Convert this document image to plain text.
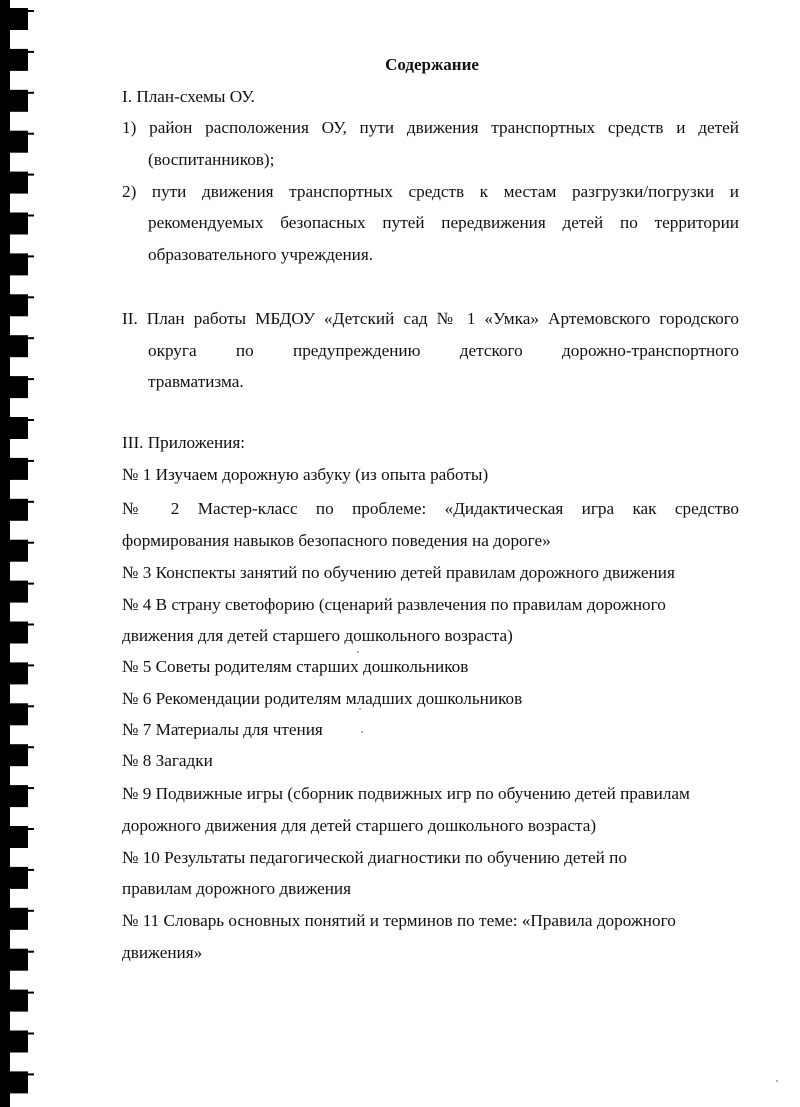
Содержание
I. План-схемы ОУ.
1) район расположения ОУ, пути движения транспортных средств и детей
(воспитанников);
2) пути движения транспортных средств к местам разгрузки/погрузки и
рекомендуемых безопасных путей передвижения детей по территории
образовательного учреждения.
II. План работы МБДОУ «Детский сад № 1 «Умка» Артемовского городского
округа по предупреждению детского дорожно-транспортного
травматизма.
III. Приложения:
№ 1 Изучаем дорожную азбуку (из опыта работы)
№ 2 Мастер-класс по проблеме: «Дидактическая игра как средство
формирования навыков безопасного поведения на дороге»
№ 3 Конспекты занятий по обучению детей правилам дорожного движения
№ 4 В страну светофорию (сценарий развлечения по правилам дорожного
движения для детей старшего дошкольного возраста)
№ 5 Советы родителям старших дошкольников
№ 6 Рекомендации родителям младших дошкольников
№ 7 Материалы для чтения
№ 8 Загадки
№ 9 Подвижные игры (сборник подвижных игр по обучению детей правилам
дорожного движения для детей старшего дошкольного возраста)
№ 10 Результаты педагогической диагностики по обучению детей по
правилам дорожного движения
№ 11 Словарь основных понятий и терминов по теме: «Правила дорожного
движения»
